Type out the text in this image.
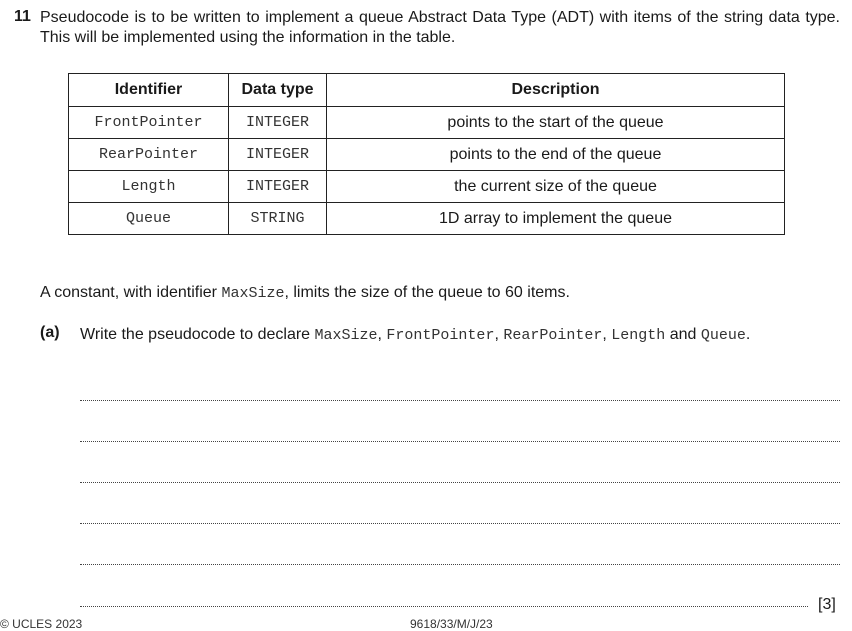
11 Pseudocode is to be written to implement a queue Abstract Data Type (ADT) with items of the string data type. This will be implemented using the information in the table.
Identifier	Data type	Description
FrontPointer	INTEGER	points to the start of the queue
RearPointer	INTEGER	points to the end of the queue
Length	INTEGER	the current size of the queue
Queue	STRING	1D array to implement the queue
A constant, with identifier MaxSize, limits the size of the queue to 60 items.
(a) Write the pseudocode to declare MaxSize, FrontPointer, RearPointer, Length and Queue.
[3]
© UCLES 2023	9618/33/M/J/23
